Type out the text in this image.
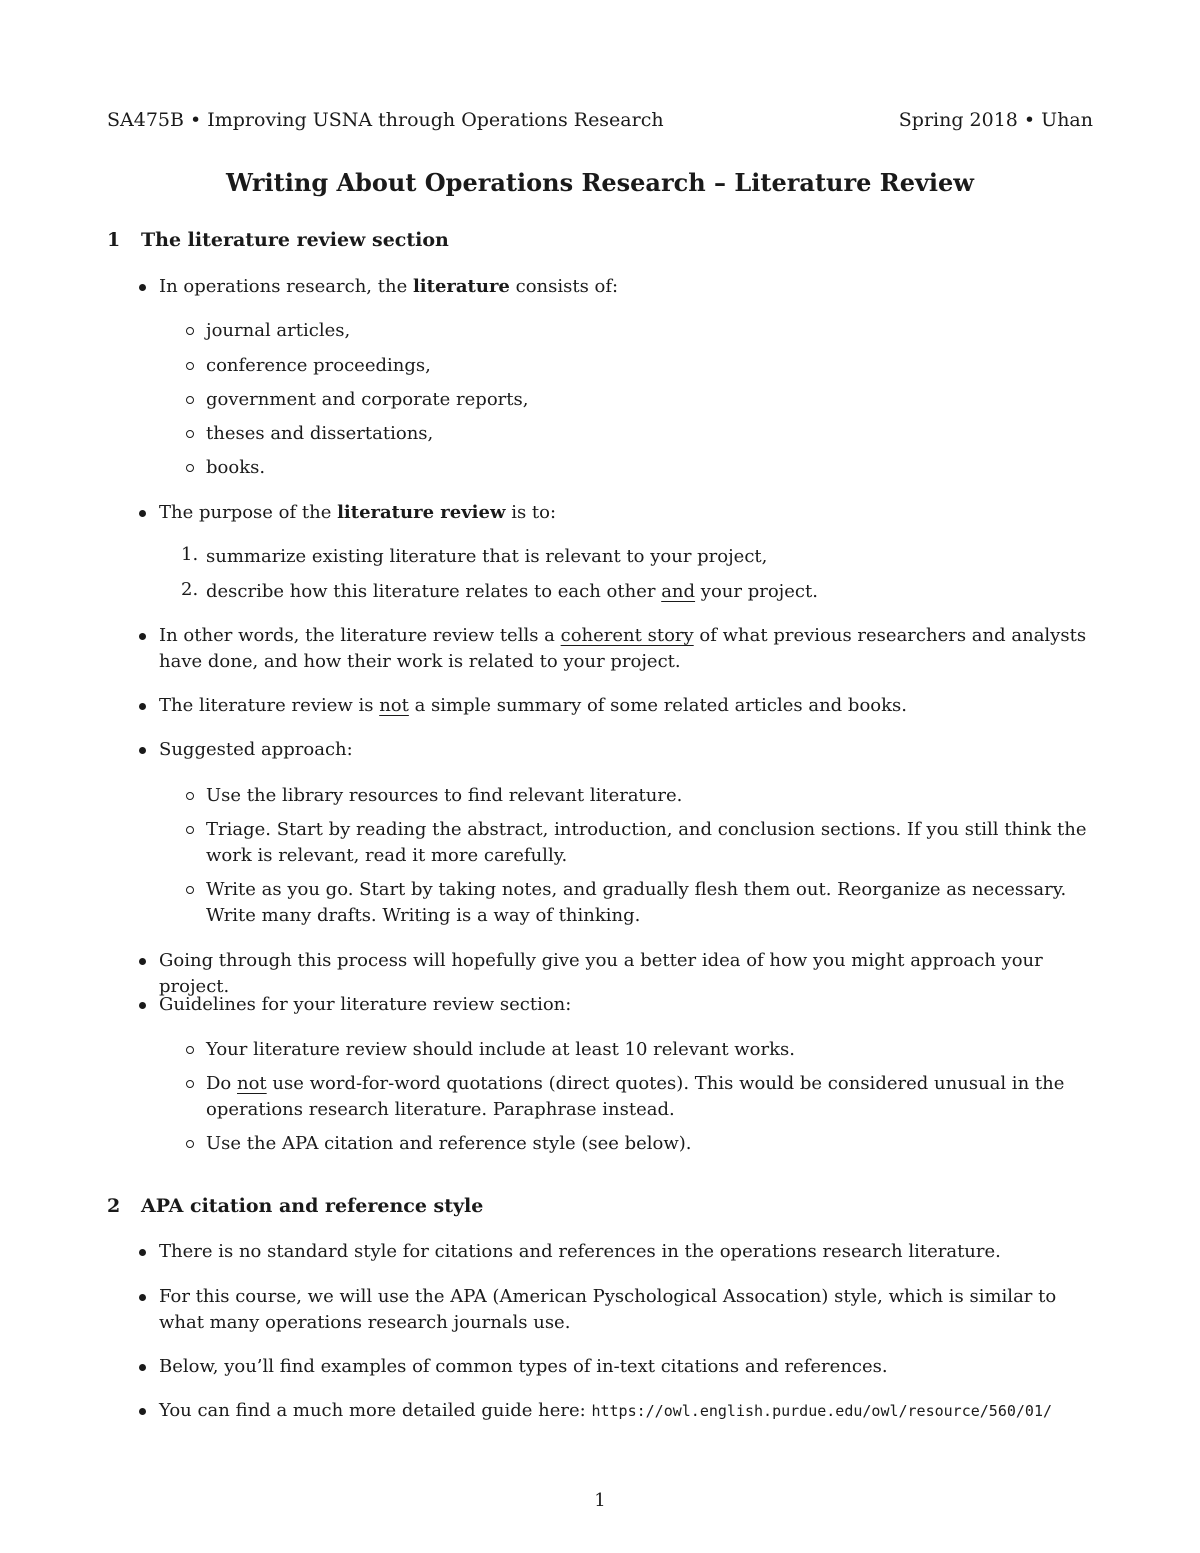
SA475B • Improving USNA through Operations Research	Spring 2018 • Uhan
Writing About Operations Research – Literature Review
1 The literature review section
In operations research, the literature consists of:
journal articles,
conference proceedings,
government and corporate reports,
theses and dissertations,
books.
The purpose of the literature review is to:
1. summarize existing literature that is relevant to your project,
2. describe how this literature relates to each other and your project.
In other words, the literature review tells a coherent story of what previous researchers and analysts have done, and how their work is related to your project.
The literature review is not a simple summary of some related articles and books.
Suggested approach:
Use the library resources to find relevant literature.
Triage. Start by reading the abstract, introduction, and conclusion sections. If you still think the work is relevant, read it more carefully.
Write as you go. Start by taking notes, and gradually flesh them out. Reorganize as necessary. Write many drafts. Writing is a way of thinking.
Going through this process will hopefully give you a better idea of how you might approach your project.
Guidelines for your literature review section:
Your literature review should include at least 10 relevant works.
Do not use word-for-word quotations (direct quotes). This would be considered unusual in the operations research literature. Paraphrase instead.
Use the APA citation and reference style (see below).
2 APA citation and reference style
There is no standard style for citations and references in the operations research literature.
For this course, we will use the APA (American Pyschological Assocation) style, which is similar to what many operations research journals use.
Below, you’ll find examples of common types of in-text citations and references.
You can find a much more detailed guide here: https://owl.english.purdue.edu/owl/resource/560/01/
1
